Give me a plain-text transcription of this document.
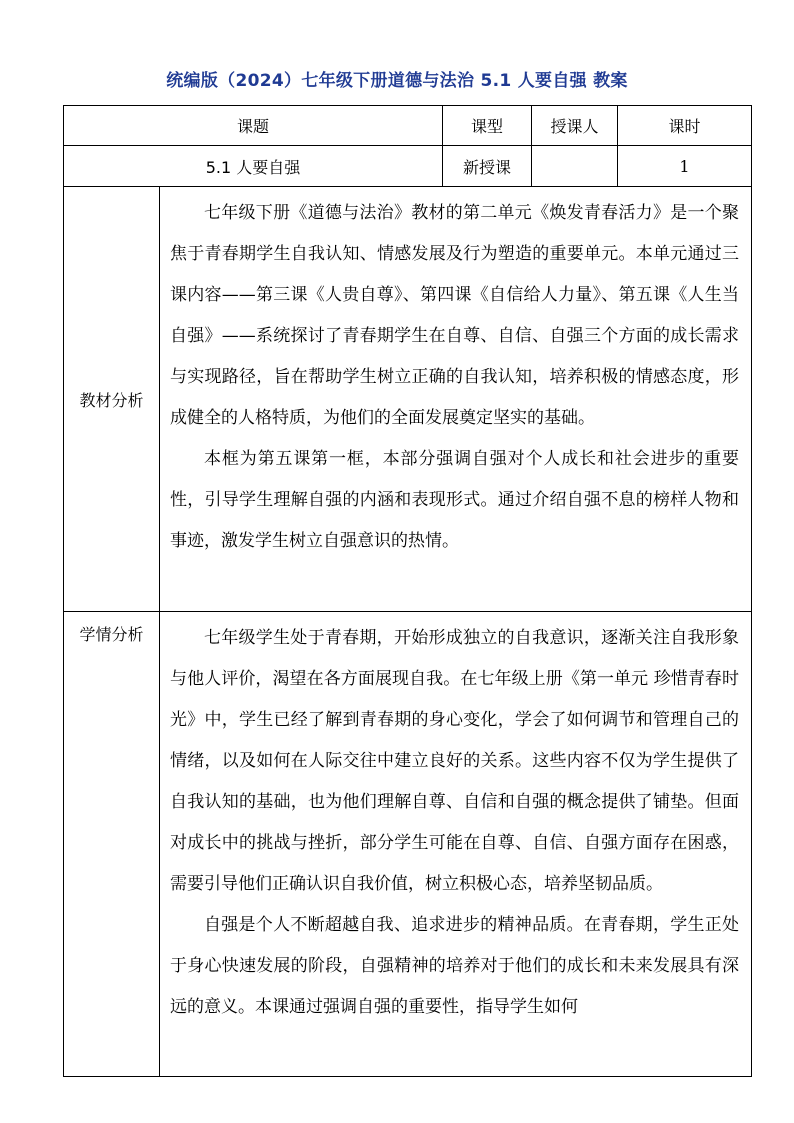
统编版（2024）七年级下册道德与法治 5.1 人要自强 教案
课题		课型	授课人	课时
5.1 人要自强		新授课		1
教材分析	七年级下册《道德与法治》教材的第二单元《焕发青春活力》是一个聚焦于青春期学生自我认知、情感发展及行为塑造的重要单元。本单元通过三课内容——第三课《人贵自尊》、第四课《自信给人力量》、第五课《人生当自强》——系统探讨了青春期学生在自尊、自信、自强三个方面的成长需求与实现路径，旨在帮助学生树立正确的自我认知，培养积极的情感态度，形成健全的人格特质，为他们的全面发展奠定坚实的基础。

本框为第五课第一框，本部分强调自强对个人成长和社会进步的重要性，引导学生理解自强的内涵和表现形式。通过介绍自强不息的榜样人物和事迹，激发学生树立自强意识的热情。			

学情分析	七年级学生处于青春期，开始形成独立的自我意识，逐渐关注自我形象与他人评价，渴望在各方面展现自我。在七年级上册《第一单元 珍惜青春时光》中，学生已经了解到青春期的身心变化，学会了如何调节和管理自己的情绪，以及如何在人际交往中建立良好的关系。这些内容不仅为学生提供了自我认知的基础，也为他们理解自尊、自信和自强的概念提供了铺垫。但面对成长中的挑战与挫折，部分学生可能在自尊、自信、自强方面存在困惑，需要引导他们正确认识自我价值，树立积极心态，培养坚韧品质。

自强是个人不断超越自我、追求进步的精神品质。在青春期，学生正处于身心快速发展的阶段，自强精神的培养对于他们的成长和未来发展具有深远的意义。本课通过强调自强的重要性，指导学生如何			
